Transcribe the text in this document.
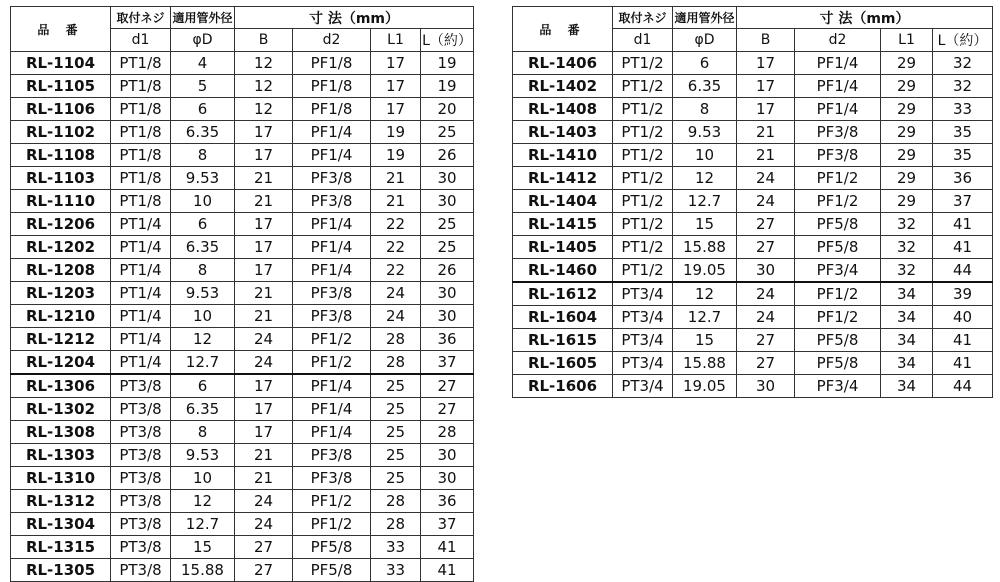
品 番	取付ネジ	適用管外径	寸 法（mm）			
	d1	φD	B	d2	L1	L（約）
RL-1104	PT1/8	4	12	PF1/8	17	19
RL-1105	PT1/8	5	12	PF1/8	17	19
RL-1106	PT1/8	6	12	PF1/8	17	20
RL-1102	PT1/8	6.35	17	PF1/4	19	25
RL-1108	PT1/8	8	17	PF1/4	19	26
RL-1103	PT1/8	9.53	21	PF3/8	21	30
RL-1110	PT1/8	10	21	PF3/8	21	30
RL-1206	PT1/4	6	17	PF1/4	22	25
RL-1202	PT1/4	6.35	17	PF1/4	22	25
RL-1208	PT1/4	8	17	PF1/4	22	26
RL-1203	PT1/4	9.53	21	PF3/8	24	30
RL-1210	PT1/4	10	21	PF3/8	24	30
RL-1212	PT1/4	12	24	PF1/2	28	36
RL-1204	PT1/4	12.7	24	PF1/2	28	37
RL-1306	PT3/8	6	17	PF1/4	25	27
RL-1302	PT3/8	6.35	17	PF1/4	25	27
RL-1308	PT3/8	8	17	PF1/4	25	28
RL-1303	PT3/8	9.53	21	PF3/8	25	30
RL-1310	PT3/8	10	21	PF3/8	25	30
RL-1312	PT3/8	12	24	PF1/2	28	36
RL-1304	PT3/8	12.7	24	PF1/2	28	37
RL-1315	PT3/8	15	27	PF5/8	33	41
RL-1305	PT3/8	15.88	27	PF5/8	33	41
品 番	取付ネジ	適用管外径	寸 法（mm）			
	d1	φD	B	d2	L1	L（約）
RL-1406	PT1/2	6	17	PF1/4	29	32
RL-1402	PT1/2	6.35	17	PF1/4	29	32
RL-1408	PT1/2	8	17	PF1/4	29	33
RL-1403	PT1/2	9.53	21	PF3/8	29	35
RL-1410	PT1/2	10	21	PF3/8	29	35
RL-1412	PT1/2	12	24	PF1/2	29	36
RL-1404	PT1/2	12.7	24	PF1/2	29	37
RL-1415	PT1/2	15	27	PF5/8	32	41
RL-1405	PT1/2	15.88	27	PF5/8	32	41
RL-1460	PT1/2	19.05	30	PF3/4	32	44
RL-1612	PT3/4	12	24	PF1/2	34	39
RL-1604	PT3/4	12.7	24	PF1/2	34	40
RL-1615	PT3/4	15	27	PF5/8	34	41
RL-1605	PT3/4	15.88	27	PF5/8	34	41
RL-1606	PT3/4	19.05	30	PF3/4	34	44
